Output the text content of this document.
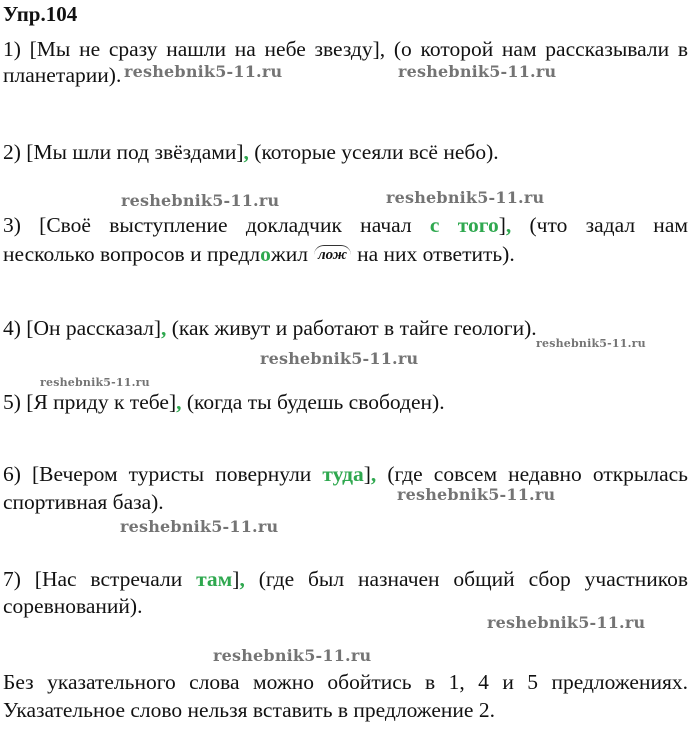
Упр.104
1) [Мы не сразу нашли на небе звезду], (о которой нам рассказывали в
планетарии).
2) [Мы шли под звёздами], (которые усеяли всё небо).
3) [Своё выступление докладчик начал с того], (что задал нам
несколько вопросов и предложил лож на них ответить).
4) [Он рассказал], (как живут и работают в тайге геологи).
5) [Я приду к тебе], (когда ты будешь свободен).
6) [Вечером туристы повернули туда], (где совсем недавно открылась
спортивная база).
7) [Нас встречали там], (где был назначен общий сбор участников
соревнований).
Без указательного слова можно обойтись в 1, 4 и 5 предложениях.
Указательное слово нельзя вставить в предложение 2.
reshebnik5-11.ru	reshebnik5-11.ru
reshebnik5-11.ru	reshebnik5-11.ru
reshebnik5-11.ru
reshebnik5-11.ru
reshebnik5-11.ru
reshebnik5-11.ru
reshebnik5-11.ru
reshebnik5-11.ru
reshebnik5-11.ru
